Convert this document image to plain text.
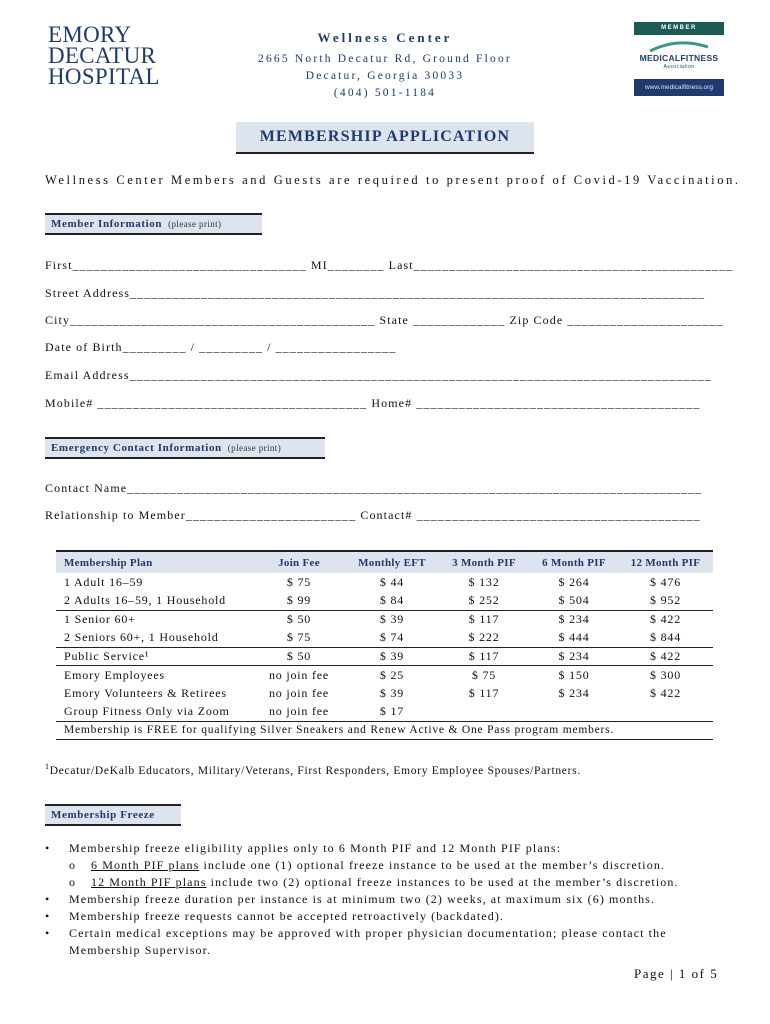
EMORY
DECATUR
HOSPITAL
Wellness Center
2665 North Decatur Rd, Ground Floor
Decatur, Georgia 30033
(404) 501-1184
MEMBER
MEDICALFITNESS
Association
www.medicalfitness.org
MEMBERSHIP APPLICATION
Wellness Center Members and Guests are required to present proof of Covid-19 Vaccination.
Member Information (please print)
First_________________________________ MI________ Last_____________________________________________
Street Address_________________________________________________________________________________
City___________________________________________ State _____________ Zip Code ______________________
Date of Birth_________ / _________ / _________________
Email Address__________________________________________________________________________________
Mobile# ______________________________________ Home# ________________________________________
Emergency Contact Information (please print)
Contact Name_________________________________________________________________________________
Relationship to Member________________________ Contact# ________________________________________
Membership Plan	Join Fee	Monthly EFT	3 Month PIF	6 Month PIF	12 Month PIF
1 Adult 16–59	$ 75	$ 44	$ 132	$ 264	$ 476
2 Adults 16–59, 1 Household	$ 99	$ 84	$ 252	$ 504	$ 952
1 Senior 60+	$ 50	$ 39	$ 117	$ 234	$ 422
2 Seniors 60+, 1 Household	$ 75	$ 74	$ 222	$ 444	$ 844
Public Service¹	$ 50	$ 39	$ 117	$ 234	$ 422
Emory Employees	no join fee	$ 25	$ 75	$ 150	$ 300
Emory Volunteers & Retirees	no join fee	$ 39	$ 117	$ 234	$ 422
Group Fitness Only via Zoom	no join fee	$ 17			
Membership is FREE for qualifying Silver Sneakers and Renew Active & One Pass program members.					
$^1$Decatur/DeKalb Educators, Military/Veterans, First Responders, Emory Employee Spouses/Partners.
Membership Freeze
• Membership freeze eligibility applies only to 6 Month PIF and 12 Month PIF plans:
o 6 Month PIF plans include one (1) optional freeze instance to be used at the member’s discretion.
o 12 Month PIF plans include two (2) optional freeze instances to be used at the member’s discretion.
• Membership freeze duration per instance is at minimum two (2) weeks, at maximum six (6) months.
• Membership freeze requests cannot be accepted retroactively (backdated).
• Certain medical exceptions may be approved with proper physician documentation; please contact the Membership Supervisor.
Page | 1 of 5
